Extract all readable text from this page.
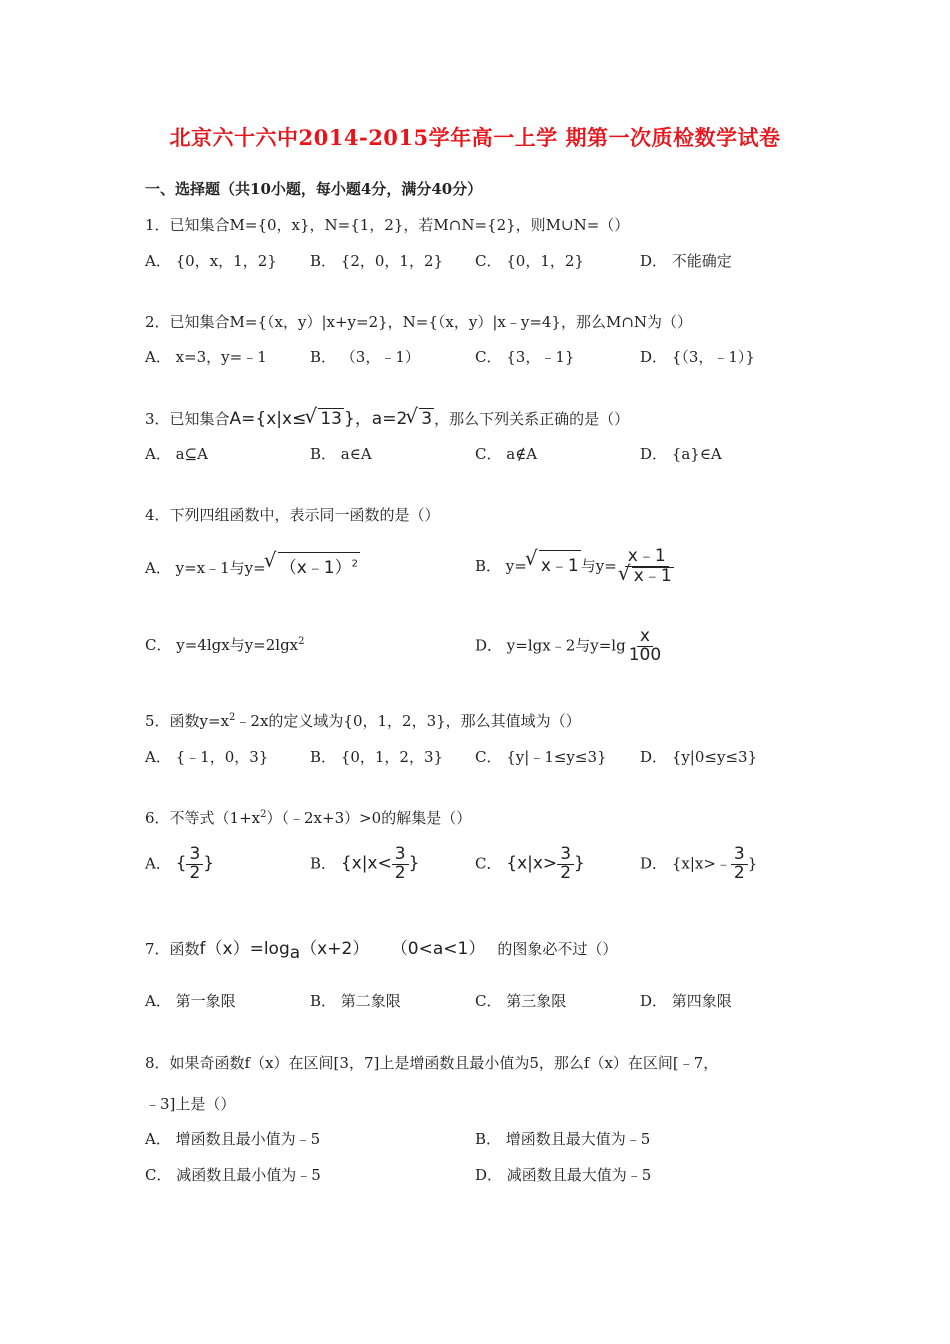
北京六十六中2014-2015学年高一上学 期第一次质检数学试卷
一、选择题（共10小题，每小题4分，满分40分）
1．已知集合M={0，x}，N={1，2}，若M∩N={2}，则M∪N=（）
A． {0，x，1，2} B． {2，0，1，2} C． {0，1，2}	D． 不能确定
2．已知集合M={（x，y）|x+y=2}，N={（x，y）|x﹣y=4}，那么M∩N为（）
A． x=3，y=﹣1	B． （3，﹣1）	C． {3，﹣1}	D． {（3，﹣1）}
3．已知集合A={x|x≤ √ 13 }，a=2 √ 3 ，那么下列关系正确的是（）
A． a⊆A	B． a∈A	C． a∉A	D． {a}∈A
4．下列四组函数中，表示同一函数的是（）
A． y=x﹣1与y= √ （x﹣1）$^2$	B． y= √ x﹣1 与y= x﹣1
√ x﹣1
C． y=4lgx与y=2lgx$^2$	D． y=lgx﹣2与$y=\lg \frac{x}{100}$
5．函数$y=x^2﹣2x$的定义域为{0，1，2，3}，那么其值域为（）
A． {﹣1，0，3}	B． {0，1，2，3} C． {y|﹣1≤y≤3} D． {y|0≤y≤3}
6．不等式$(1+x^2)(﹣2x+3)>0$的解集是（）
A． { $\frac{3}{2}$ }	B． {$x|x< \frac{3}{2}$ }	C． {$x|x> \frac{3}{2}$ }	D． {x|x>﹣ $\frac{3}{2}$ }
7．函数$f(x)=\log_a(x+2)$ （0<a<1） 的图象必不过（）
A． 第一象限	B． 第二象限	C． 第三象限	D． 第四象限
8．如果奇函数f（x）在区间[3，7]上是增函数且最小值为5，那么f（x）在区间[﹣7，
﹣3]上是（）
A． 增函数且最小值为﹣5	B． 增函数且最大值为﹣5
C． 减函数且最小值为﹣5	D． 减函数且最大值为﹣5
